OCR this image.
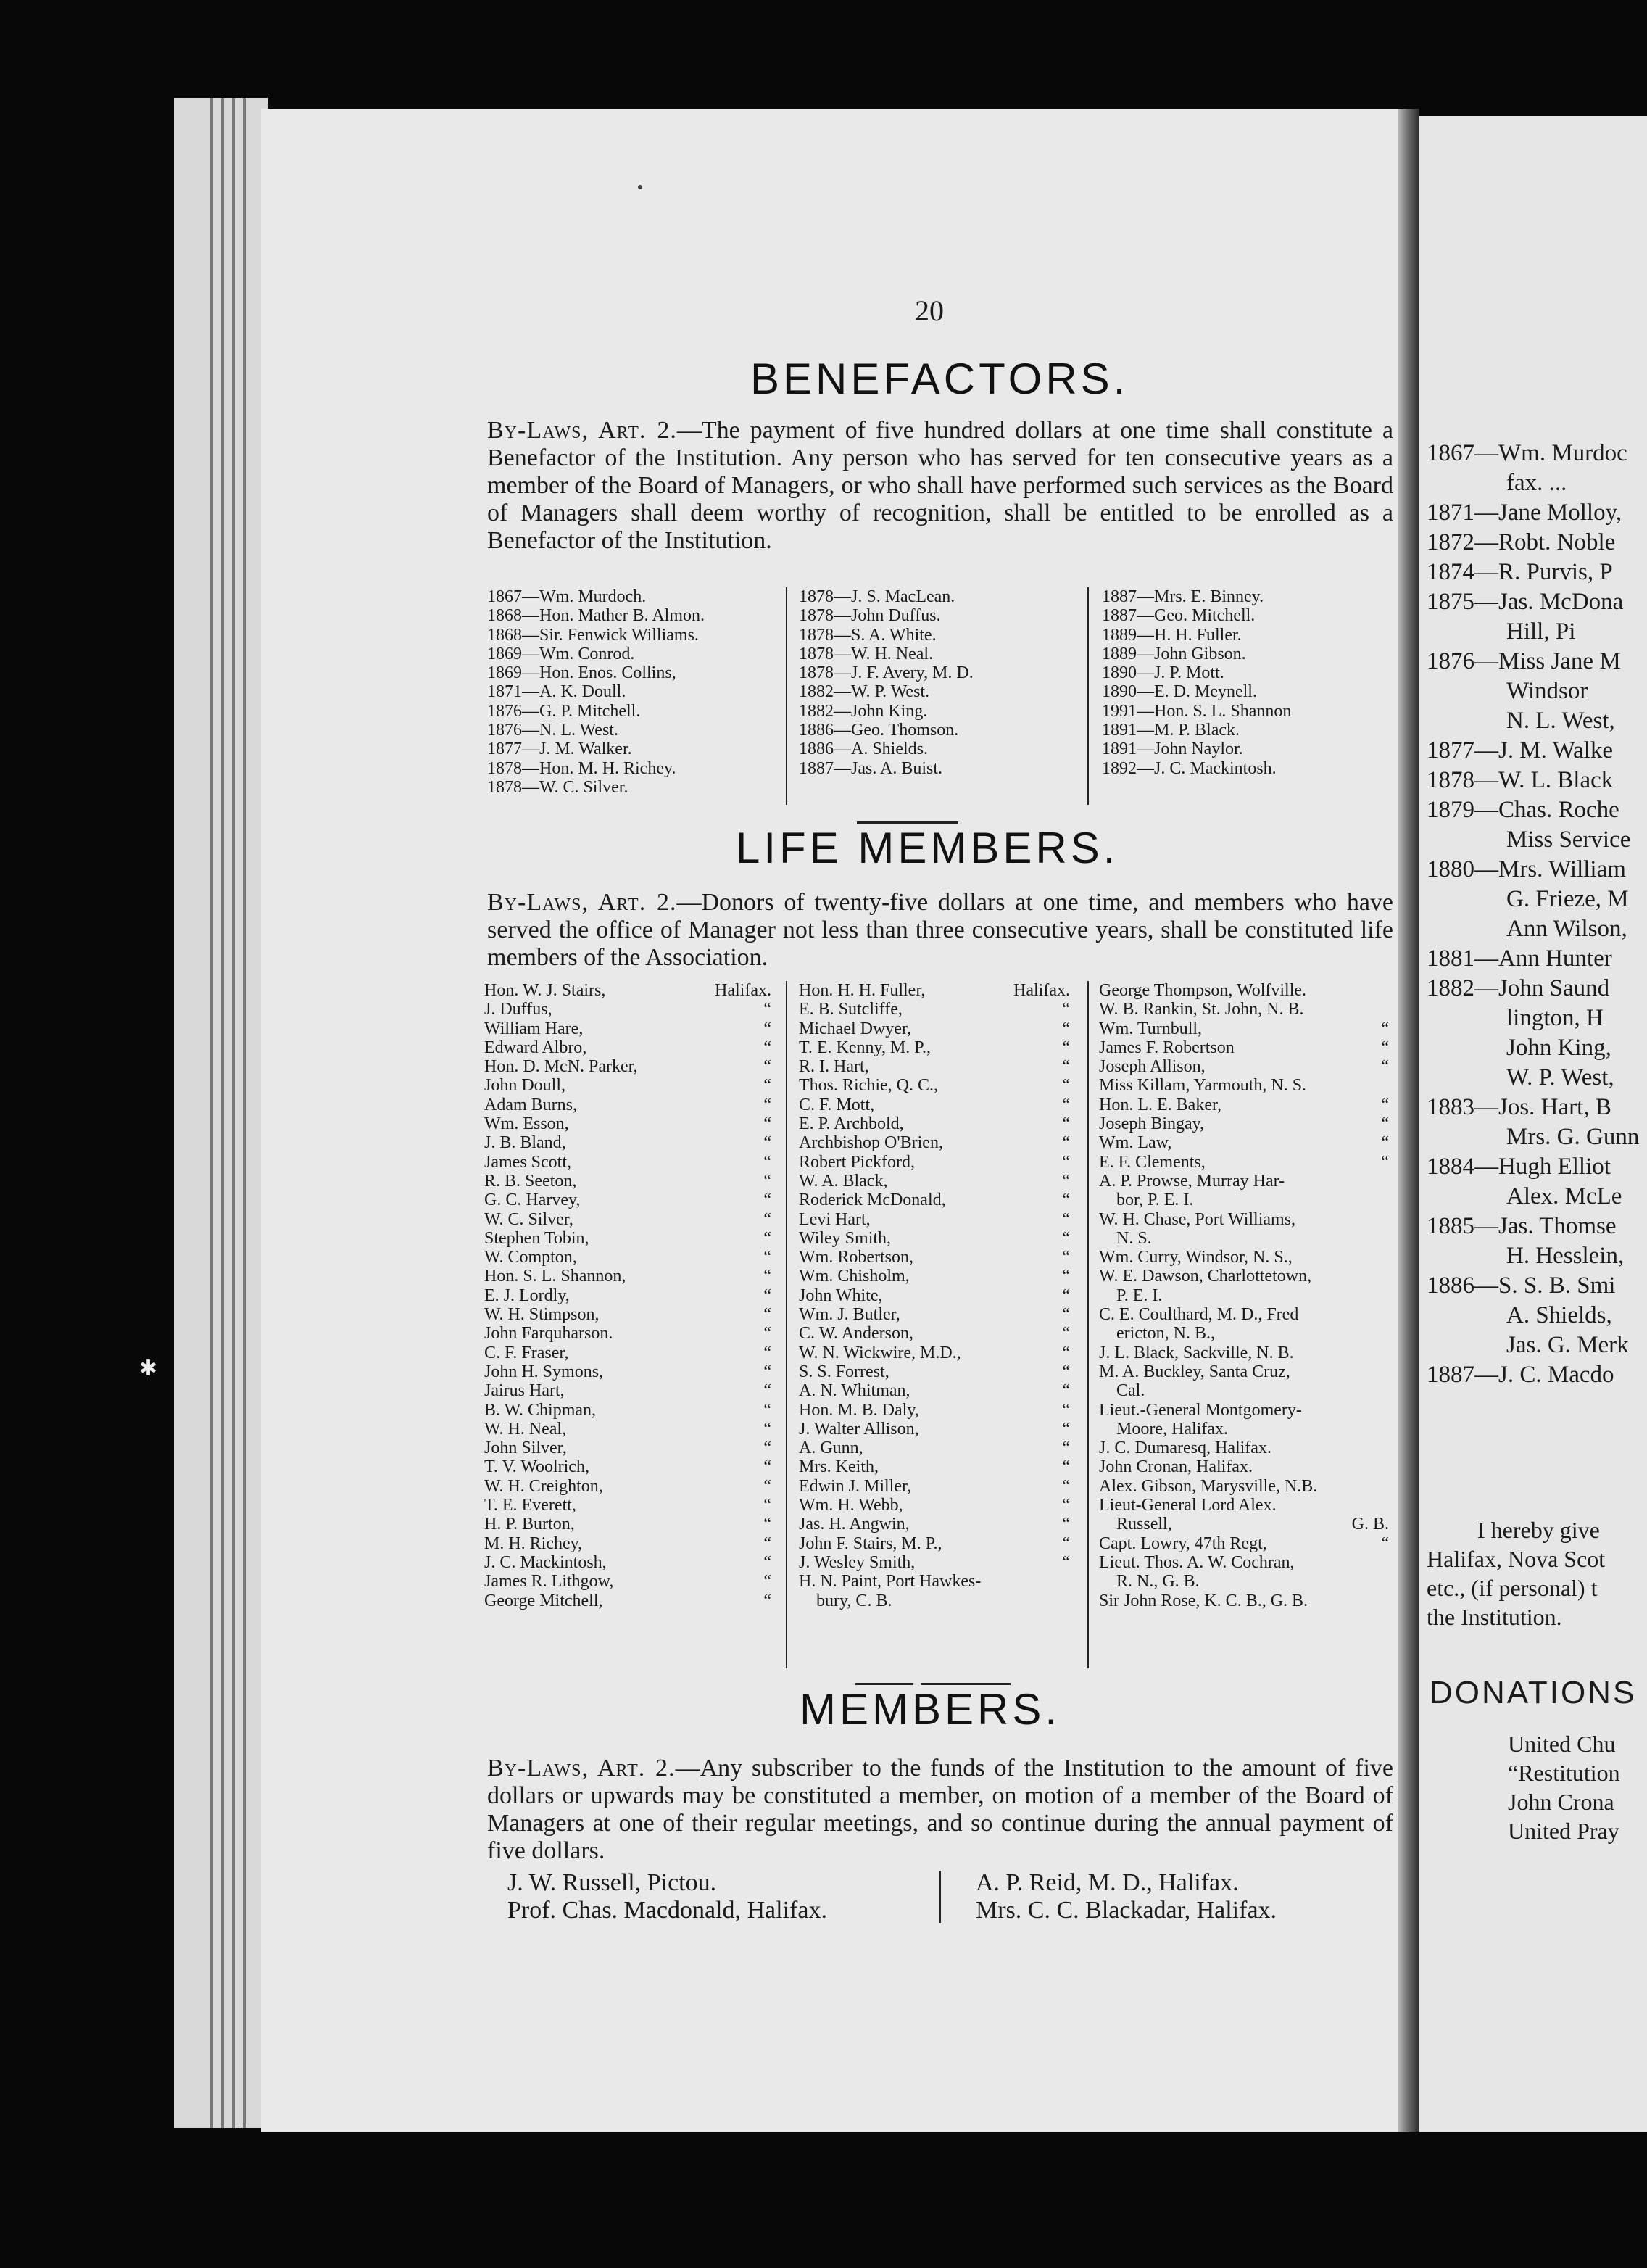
✱
20
BENEFACTORS.
By-Laws, Art. 2.—The payment of five hundred dollars at one time shall constitute a Benefactor of the Institution. Any person who has served for ten consecutive years as a member of the Board of Managers, or who shall have performed such services as the Board of Managers shall deem worthy of recognition, shall be entitled to be enrolled as a Benefactor of the Institution.
1867—Wm. Murdoch.
1868—Hon. Mather B. Almon.
1868—Sir. Fenwick Williams.
1869—Wm. Conrod.
1869—Hon. Enos. Collins,
1871—A. K. Doull.
1876—G. P. Mitchell.
1876—N. L. West.
1877—J. M. Walker.
1878—Hon. M. H. Richey.
1878—W. C. Silver.
1878—J. S. MacLean.
1878—John Duffus.
1878—S. A. White.
1878—W. H. Neal.
1878—J. F. Avery, M. D.
1882—W. P. West.
1882—John King.
1886—Geo. Thomson.
1886—A. Shields.
1887—Jas. A. Buist.
1887—Mrs. E. Binney.
1887—Geo. Mitchell.
1889—H. H. Fuller.
1889—John Gibson.
1890—J. P. Mott.
1890—E. D. Meynell.
1991—Hon. S. L. Shannon
1891—M. P. Black.
1891—John Naylor.
1892—J. C. Mackintosh.
LIFE MEMBERS.
By-Laws, Art. 2.—Donors of twenty-five dollars at one time, and members who have served the office of Manager not less than three consecutive years, shall be constituted life members of the Association.
Hon. W. J. Stairs,	Halifax.
J. Duffus,	“
William Hare,	“
Edward Albro,	“
Hon. D. McN. Parker,	“
John Doull,	“
Adam Burns,	“
Wm. Esson,	“
J. B. Bland,	“
James Scott,	“
R. B. Seeton,	“
G. C. Harvey,	“
W. C. Silver,	“
Stephen Tobin,	“
W. Compton,	“
Hon. S. L. Shannon,	“
E. J. Lordly,	“
W. H. Stimpson,	“
John Farquharson.	“
C. F. Fraser,	“
John H. Symons,	“
Jairus Hart,	“
B. W. Chipman,	“
W. H. Neal,	“
John Silver,	“
T. V. Woolrich,	“
W. H. Creighton,	“
T. E. Everett,	“
H. P. Burton,	“
M. H. Richey,	“
J. C. Mackintosh,	“
James R. Lithgow,	“
George Mitchell,	“
Hon. H. H. Fuller,	Halifax.
E. B. Sutcliffe,	“
Michael Dwyer,	“
T. E. Kenny, M. P.,	“
R. I. Hart,	“
Thos. Richie, Q. C.,	“
C. F. Mott,	“
E. P. Archbold,	“
Archbishop O'Brien,	“
Robert Pickford,	“
W. A. Black,	“
Roderick McDonald,	“
Levi Hart,	“
Wiley Smith,	“
Wm. Robertson,	“
Wm. Chisholm,	“
John White,	“
Wm. J. Butler,	“
C. W. Anderson,	“
W. N. Wickwire, M.D.,	“
S. S. Forrest,	“
A. N. Whitman,	“
Hon. M. B. Daly,	“
J. Walter Allison,	“
A. Gunn,	“
Mrs. Keith,	“
Edwin J. Miller,	“
Wm. H. Webb,	“
Jas. H. Angwin,	“
John F. Stairs, M. P.,	“
J. Wesley Smith,	“
H. N. Paint, Port Hawkes-
bury, C. B.
George Thompson, Wolfville.
W. B. Rankin, St. John, N. B.
Wm. Turnbull,	“
James F. Robertson	“
Joseph Allison,	“
Miss Killam, Yarmouth, N. S.
Hon. L. E. Baker,	“
Joseph Bingay,	“
Wm. Law,	“
E. F. Clements,	“
A. P. Prowse, Murray Har-
bor, P. E. I.
W. H. Chase, Port Williams,
N. S.
Wm. Curry, Windsor, N. S.,
W. E. Dawson, Charlottetown,
P. E. I.
C. E. Coulthard, M. D., Fred
ericton, N. B.,
J. L. Black, Sackville, N. B.
M. A. Buckley, Santa Cruz,
Cal.
Lieut.-General Montgomery-
Moore, Halifax.
J. C. Dumaresq, Halifax.
John Cronan, Halifax.
Alex. Gibson, Marysville, N.B.
Lieut-General Lord Alex.
Russell,	G. B.
Capt. Lowry, 47th Regt,	“
Lieut. Thos. A. W. Cochran,
R. N., G. B.
Sir John Rose, K. C. B., G. B.
MEMBERS.
By-Laws, Art. 2.—Any subscriber to the funds of the Institution to the amount of five dollars or upwards may be constituted a member, on motion of a member of the Board of Managers at one of their regular meetings, and so continue during the annual payment of five dollars.
J. W. Russell, Pictou.
Prof. Chas. Macdonald, Halifax.
A. P. Reid, M. D., Halifax.
Mrs. C. C. Blackadar, Halifax.
1867—Wm. Murdoc
fax. ...
1871—Jane Molloy,
1872—Robt. Noble
1874—R. Purvis, P
1875—Jas. McDona
Hill, Pi
1876—Miss Jane M
Windsor
N. L. West,
1877—J. M. Walke
1878—W. L. Black
1879—Chas. Roche
Miss Service
1880—Mrs. William
G. Frieze, M
Ann Wilson,
1881—Ann Hunter
1882—John Saund
lington, H
John King,
W. P. West,
1883—Jos. Hart, B
Mrs. G. Gunn
1884—Hugh Elliot
Alex. McLe
1885—Jas. Thomse
H. Hesslein,
1886—S. S. B. Smi
A. Shields,
Jas. G. Merk
1887—J. C. Macdo
I hereby give
Halifax, Nova Scot
etc., (if personal) t
the Institution.
DONATIONS
United Chu
“Restitution
John Crona
United Pray
